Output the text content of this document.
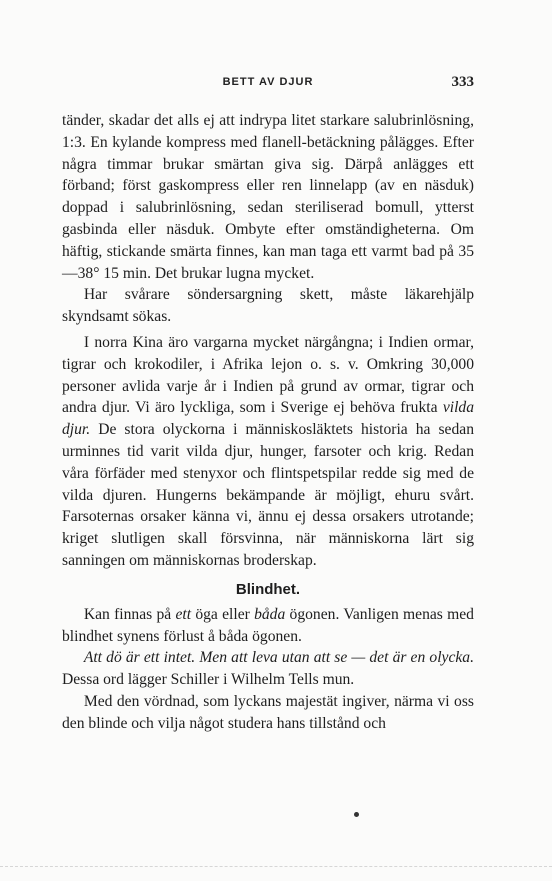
BETT AV DJUR	333

tänder, skadar det alls ej att indrypa litet starkare salubrinlösning, 1:3. En kylande kompress med flanell-betäckning pålägges. Efter några timmar brukar smärtan giva sig. Därpå anlägges ett förband; först gaskompress eller ren linnelapp (av en näsduk) doppad i salubrinlösning, sedan steriliserad bomull, ytterst gasbinda eller näsduk. Ombyte efter omständigheterna. Om häftig, stickande smärta finnes, kan man taga ett varmt bad på 35—38° 15 min. Det brukar lugna mycket.

Har svårare söndersargning skett, måste läkarehjälp skyndsamt sökas.

I norra Kina äro vargarna mycket närgångna; i Indien ormar, tigrar och krokodiler, i Afrika lejon o. s. v. Omkring 30,000 personer avlida varje år i Indien på grund av ormar, tigrar och andra djur. Vi äro lyckliga, som i Sverige ej behöva frukta vilda djur. De stora olyckorna i människosläktets historia ha sedan urminnes tid varit vilda djur, hunger, farsoter och krig. Redan våra förfäder med stenyxor och flintspetspilar redde sig med de vilda djuren. Hungerns bekämpande är möjligt, ehuru svårt. Farsoternas orsaker känna vi, ännu ej dessa orsakers utrotande; kriget slutligen skall försvinna, när människorna lärt sig sanningen om människornas broderskap.

Blindhet.

Kan finnas på ett öga eller båda ögonen. Vanligen menas med blindhet synens förlust å båda ögonen.

Att dö är ett intet. Men att leva utan att se — det är en olycka. Dessa ord lägger Schiller i Wilhelm Tells mun.

Med den vördnad, som lyckans majestät ingiver, närma vi oss den blinde och vilja något studera hans tillstånd och
